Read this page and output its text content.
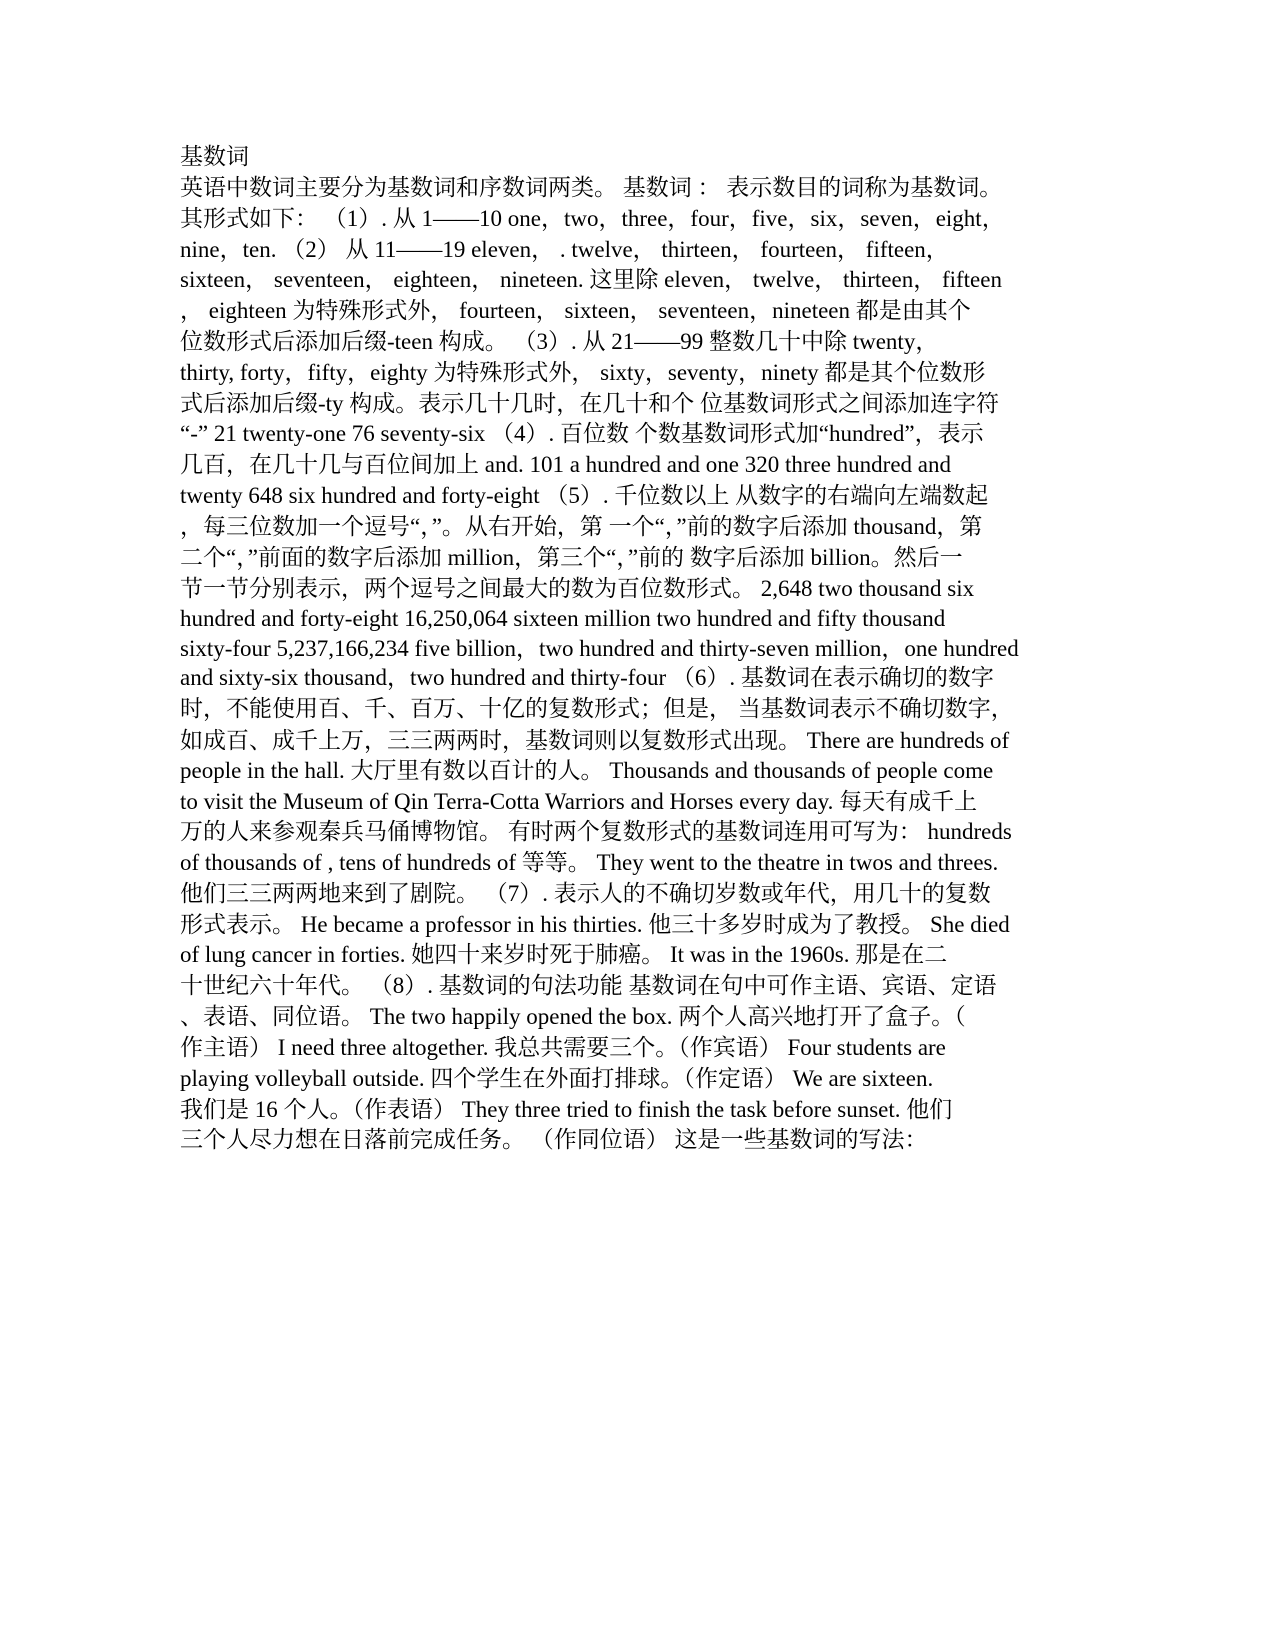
基数词
英语中数词主要分为基数词和序数词两类。 基数词 ： 表示数目的词称为基数词。
其形式如下： （1）. 从 1——10 one，two，three，four，five，six，seven，eight，
nine，ten. （2） 从 11——19 eleven， . twelve， thirteen， fourteen， fifteen，
sixteen， seventeen， eighteen， nineteen. 这里除 eleven， twelve， thirteen， fifteen
， eighteen 为特殊形式外， fourteen， sixteen， seventeen，nineteen 都是由其个
位数形式后添加后缀-teen 构成。 （3）. 从 21——99 整数几十中除 twenty，
thirty, forty，fifty，eighty 为特殊形式外， sixty，seventy，ninety 都是其个位数形
式后添加后缀-ty 构成。表示几十几时，在几十和个 位基数词形式之间添加连字符
“-” 21 twenty-one 76 seventy-six （4）. 百位数 个数基数词形式加“hundred”，表示
几百，在几十几与百位间加上 and. 101 a hundred and one 320 three hundred and
twenty 648 six hundred and forty-eight （5）. 千位数以上 从数字的右端向左端数起
，每三位数加一个逗号“，”。从右开始，第 一个“，”前的数字后添加 thousand，第
二个“，”前面的数字后添加 million，第三个“，”前的 数字后添加 billion。然后一
节一节分别表示，两个逗号之间最大的数为百位数形式。 2,648 two thousand six
hundred and forty-eight 16,250,064 sixteen million two hundred and fifty thousand
sixty-four 5,237,166,234 five billion，two hundred and thirty-seven million，one hundred
and sixty-six thousand，two hundred and thirty-four （6）. 基数词在表示确切的数字
时，不能使用百、千、百万、十亿的复数形式；但是， 当基数词表示不确切数字，
如成百、成千上万，三三两两时，基数词则以复数形式出现。 There are hundreds of
people in the hall. 大厅里有数以百计的人。 Thousands and thousands of people come
to visit the Museum of Qin Terra-Cotta Warriors and Horses every day. 每天有成千上
万的人来参观秦兵马俑博物馆。 有时两个复数形式的基数词连用可写为： hundreds
of thousands of , tens of hundreds of 等等。 They went to the theatre in twos and threes.
他们三三两两地来到了剧院。 （7）. 表示人的不确切岁数或年代，用几十的复数
形式表示。 He became a professor in his thirties. 他三十多岁时成为了教授。 She died
of lung cancer in forties. 她四十来岁时死于肺癌。 It was in the 1960s. 那是在二
十世纪六十年代。 （8）. 基数词的句法功能 基数词在句中可作主语、宾语、定语
、表语、同位语。 The two happily opened the box. 两个人高兴地打开了盒子。（
作主语） I need three altogether. 我总共需要三个。（作宾语） Four students are
playing volleyball outside. 四个学生在外面打排球。（作定语） We are sixteen.
我们是 16 个人。（作表语） They three tried to finish the task before sunset. 他们
三个人尽力想在日落前完成任务。 （作同位语） 这是一些基数词的写法：
